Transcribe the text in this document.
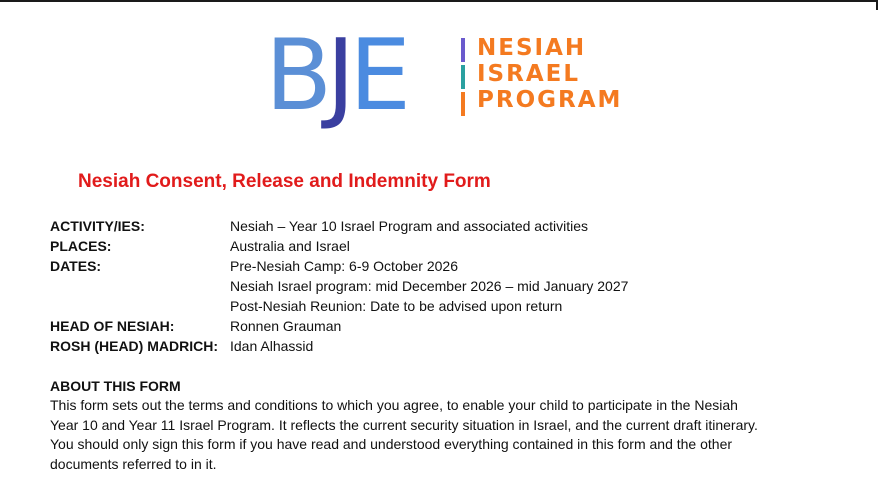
BJE	NESIAH
ISRAEL
PROGRAM
Nesiah Consent, Release and Indemnity Form
ACTIVITY/IES:	Nesiah – Year 10 Israel Program and associated activities
PLACES:	Australia and Israel
DATES:	Pre-Nesiah Camp: 6-9 October 2026
Nesiah Israel program: mid December 2026 – mid January 2027
Post-Nesiah Reunion: Date to be advised upon return
HEAD OF NESIAH:	Ronnen Grauman
ROSH (HEAD) MADRICH: Idan Alhassid
ABOUT THIS FORM

This form sets out the terms and conditions to which you agree, to enable your child to participate in the Nesiah
Year 10 and Year 11 Israel Program. It reflects the current security situation in Israel, and the current draft itinerary.
You should only sign this form if you have read and understood everything contained in this form and the other
documents referred to in it.
